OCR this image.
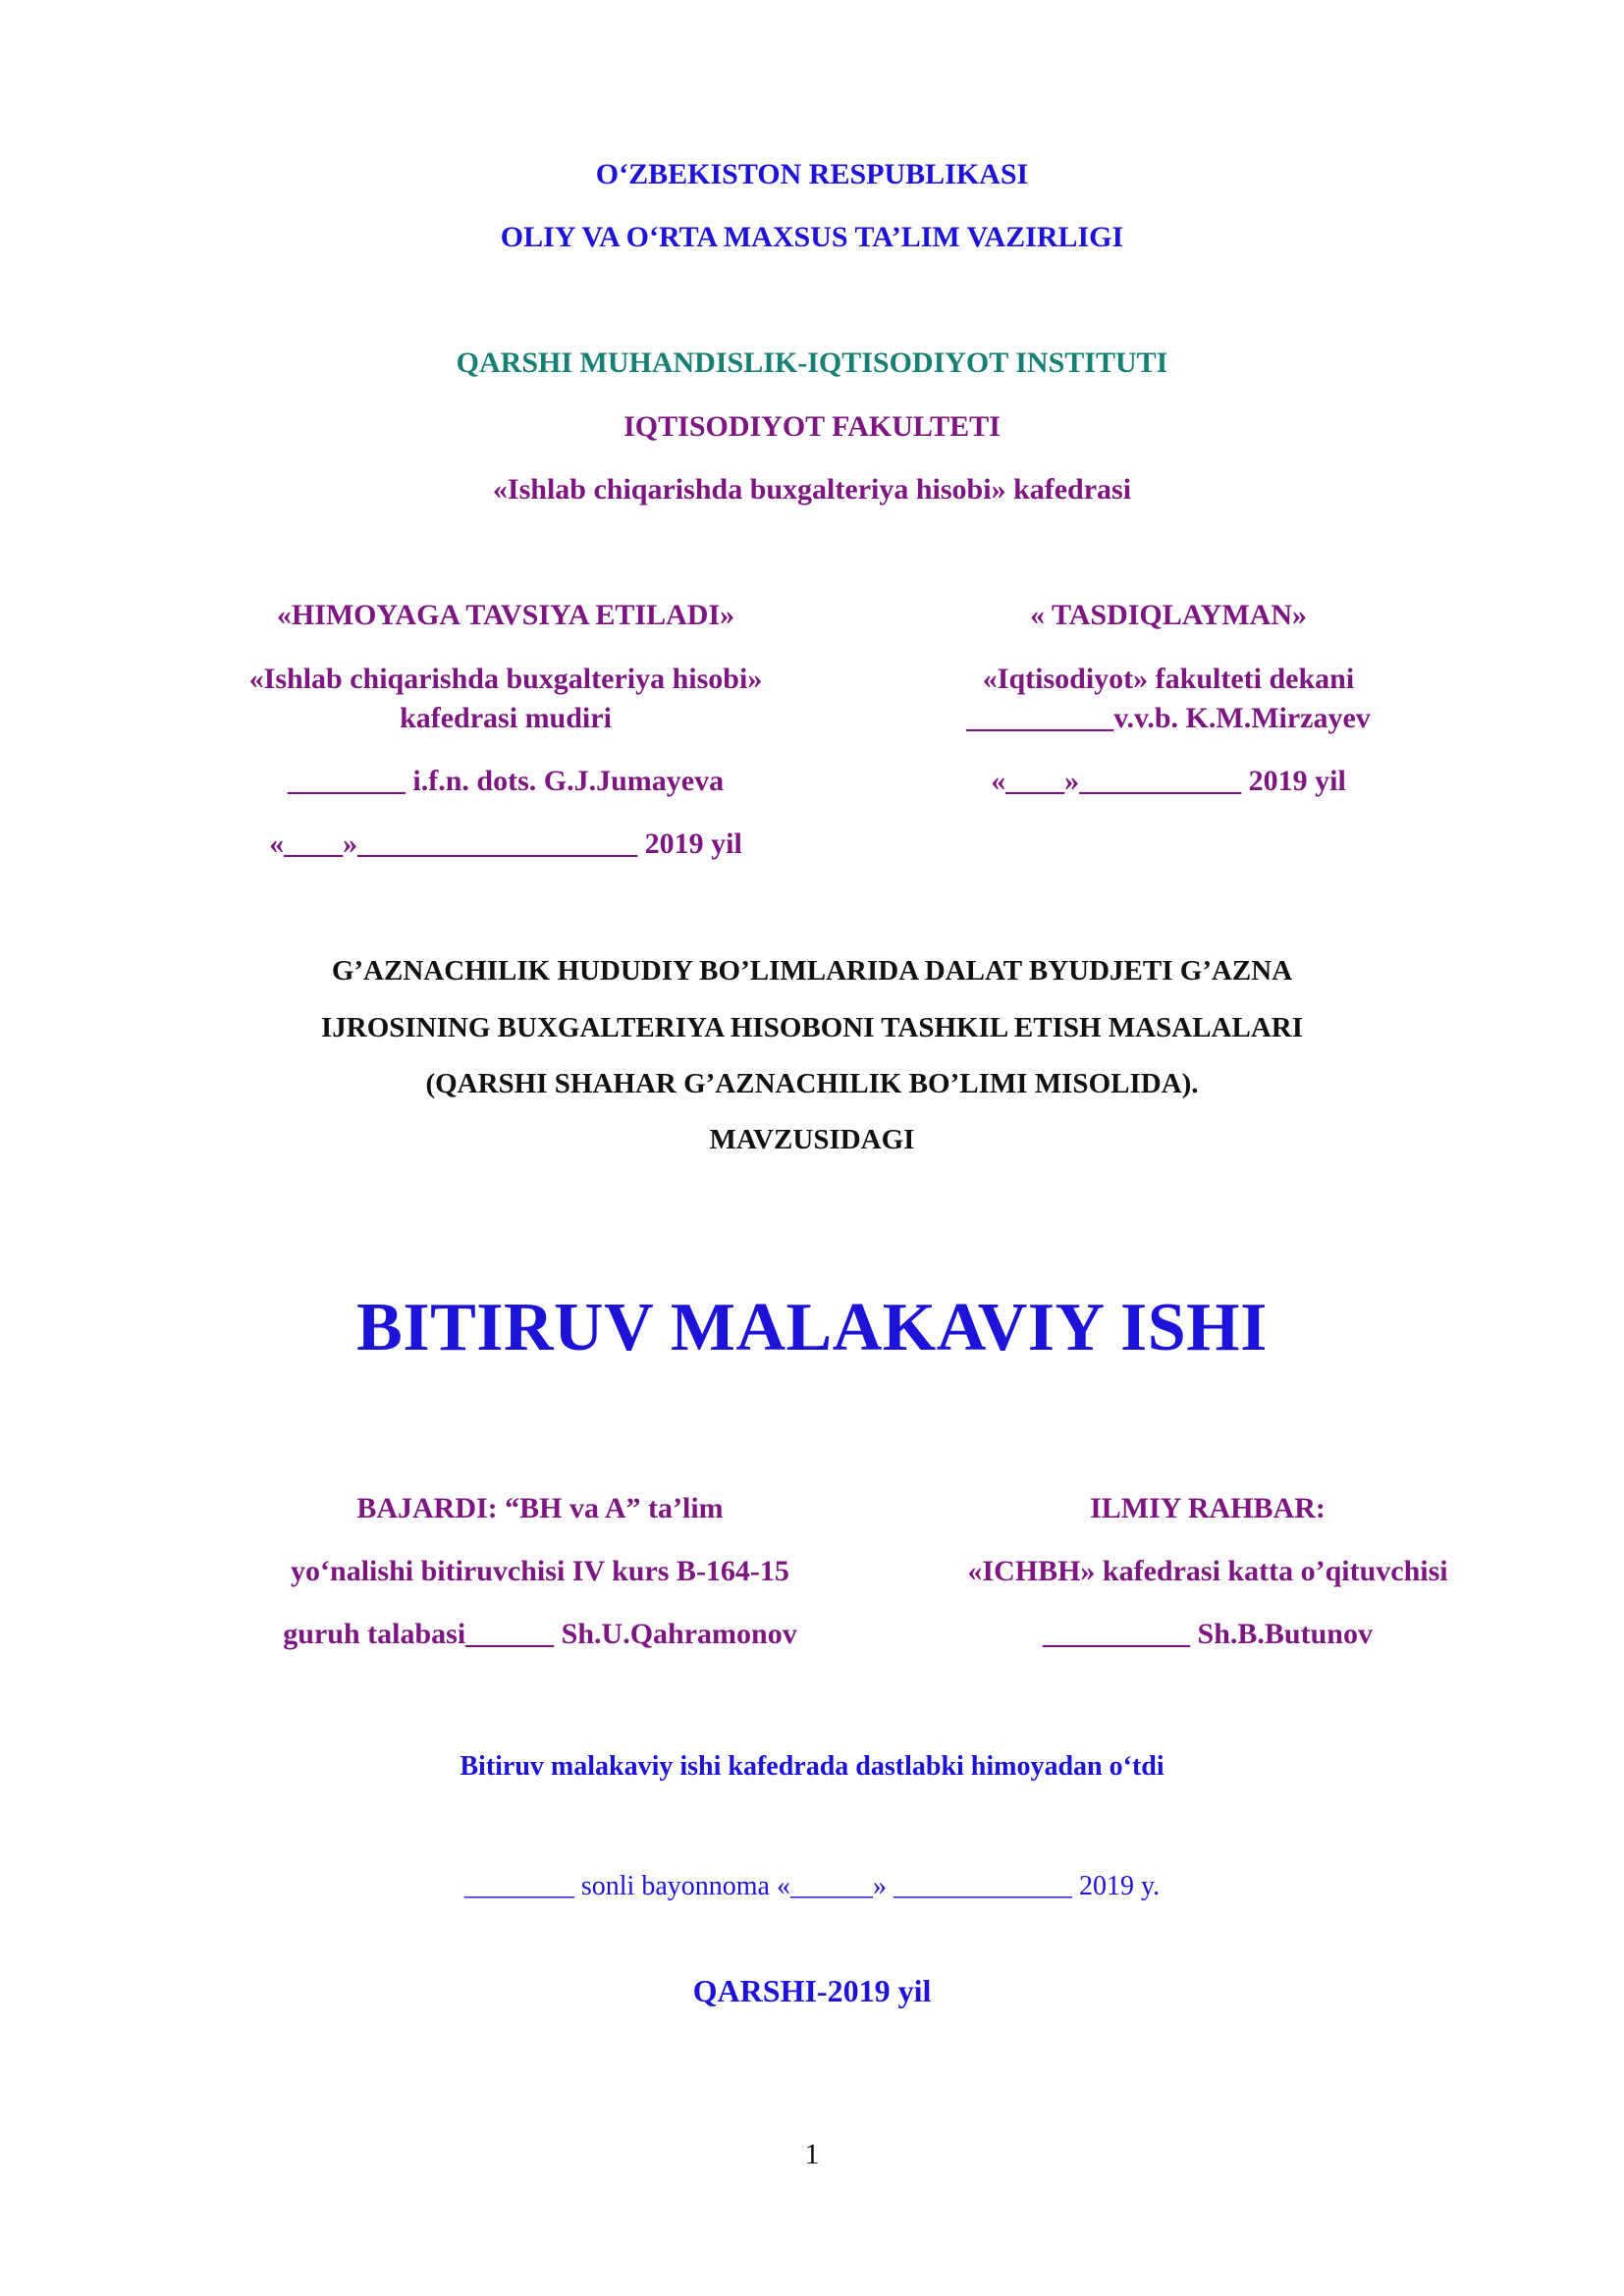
O‘ZBEKISTON RESPUBLIKASI
OLIY VA O‘RTA MAXSUS TA’LIM VAZIRLIGI
QARSHI MUHANDISLIK-IQTISODIYOT INSTITUTI
IQTISODIYOT FAKULTETI
«Ishlab chiqarishda buxgalteriya hisobi» kafedrasi
«HIMOYAGA TAVSIYA ETILADI»
«Ishlab chiqarishda buxgalteriya hisobi»
kafedrasi mudiri
________ i.f.n. dots. G.J.Jumayeva
«____»___________________ 2019 yil
« TASDIQLAYMAN»
«Iqtisodiyot» fakulteti dekani
__________v.v.b. K.M.Mirzayev
«____»___________ 2019 yil
G’AZNACHILIK HUDUDIY BO’LIMLARIDA DALAT BYUDJETI G’AZNA
IJROSINING BUXGALTERIYA HISOBONI TASHKIL ETISH MASALALARI
(QARSHI SHAHAR G’AZNACHILIK BO’LIMI MISOLIDA).
MAVZUSIDAGI
BITIRUV MALAKAVIY ISHI
BAJARDI: “BH va A” ta’lim
yo‘nalishi bitiruvchisi IV kurs B-164-15
guruh talabasi______ Sh.U.Qahramonov
ILMIY RAHBAR:
«ICHBH» kafedrasi katta o’qituvchisi
__________ Sh.B.Butunov
Bitiruv malakaviy ishi kafedrada dastlabki himoyadan o‘tdi
________ sonli bayonnoma «______» _____________ 2019 y.
QARSHI-2019 yil
1
